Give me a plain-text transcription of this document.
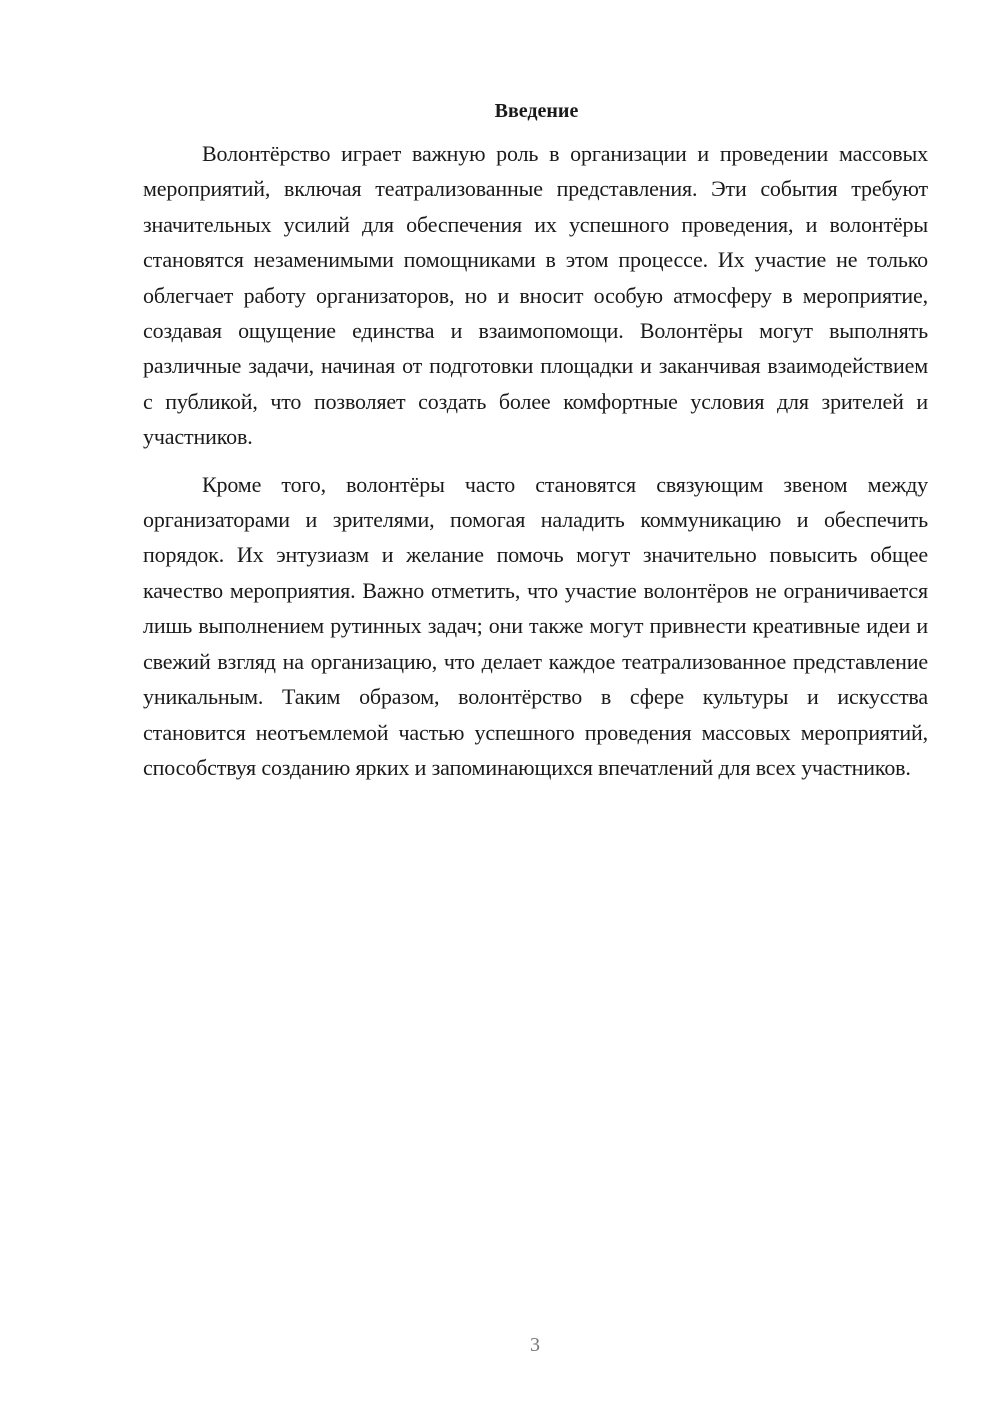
Введение

Волонтёрство играет важную роль в организации и проведении массовых мероприятий, включая театрализованные представления. Эти события требуют значительных усилий для обеспечения их успешного проведения, и волонтёры становятся незаменимыми помощниками в этом процессе. Их участие не только облегчает работу организаторов, но и вносит особую атмосферу в мероприятие, создавая ощущение единства и взаимопомощи. Волонтёры могут выполнять различные задачи, начиная от подготовки площадки и заканчивая взаимодействием с публикой, что позволяет создать более комфортные условия для зрителей и участников.

Кроме того, волонтёры часто становятся связующим звеном между организаторами и зрителями, помогая наладить коммуникацию и обеспечить порядок. Их энтузиазм и желание помочь могут значительно повысить общее качество мероприятия. Важно отметить, что участие волонтёров не ограничивается лишь выполнением рутинных задач; они также могут привнести креативные идеи и свежий взгляд на организацию, что делает каждое театрализованное представление уникальным. Таким образом, волонтёрство в сфере культуры и искусства становится неотъемлемой частью успешного проведения массовых мероприятий, способствуя созданию ярких и запоминающихся впечатлений для всех участников.

3
